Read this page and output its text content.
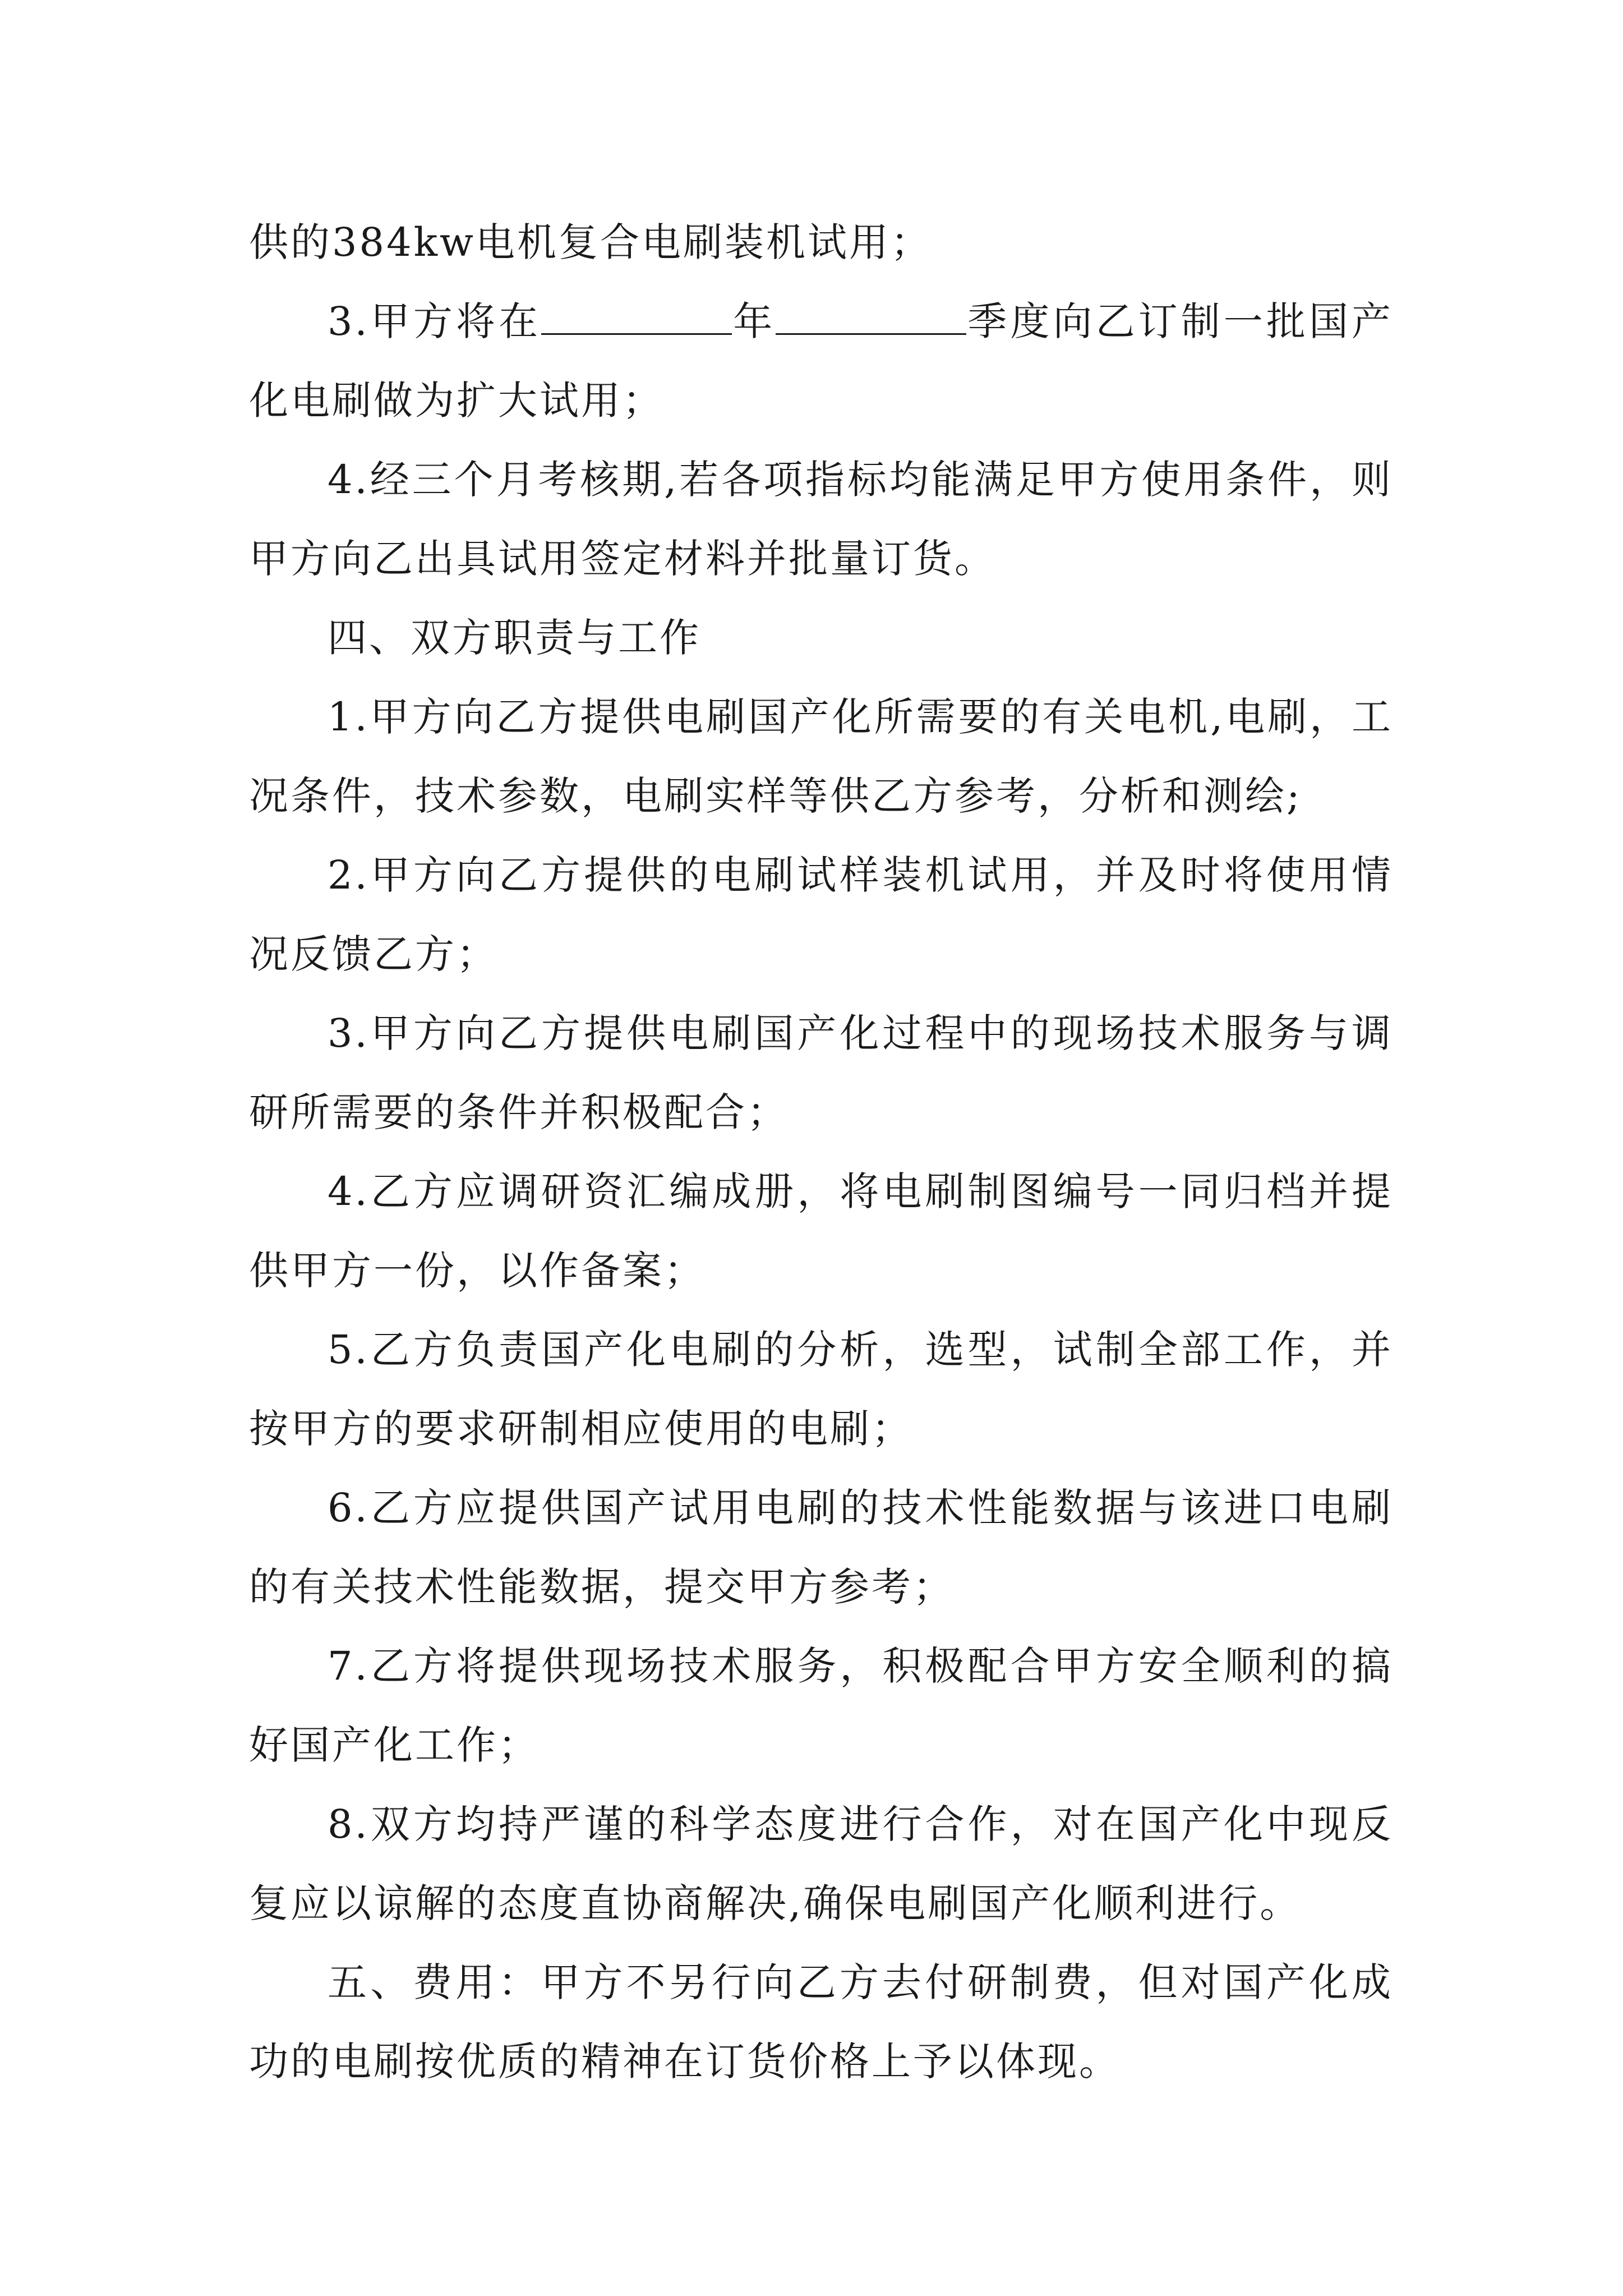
供的384kw电机复合电刷装机试用；

3.甲方将在	年	季度向乙订制一批国产化电刷做为扩大试用；

4.经三个月考核期,若各项指标均能满足甲方使用条件，则甲方向乙出具试用签定材料并批量订货。

四、双方职责与工作

1.甲方向乙方提供电刷国产化所需要的有关电机,电刷，工况条件，技术参数，电刷实样等供乙方参考，分析和测绘;

2.甲方向乙方提供的电刷试样装机试用，并及时将使用情况反馈乙方；

3.甲方向乙方提供电刷国产化过程中的现场技术服务与调研所需要的条件并积极配合；

4.乙方应调研资汇编成册，将电刷制图编号一同归档并提供甲方一份，以作备案；

5.乙方负责国产化电刷的分析，选型，试制全部工作，并按甲方的要求研制相应使用的电刷；

6.乙方应提供国产试用电刷的技术性能数据与该进口电刷的有关技术性能数据，提交甲方参考；

7.乙方将提供现场技术服务，积极配合甲方安全顺利的搞好国产化工作；

8.双方均持严谨的科学态度进行合作，对在国产化中现反复应以谅解的态度直协商解决,确保电刷国产化顺利进行。

五、费用：甲方不另行向乙方去付研制费，但对国产化成功的电刷按优质的精神在订货价格上予以体现。
